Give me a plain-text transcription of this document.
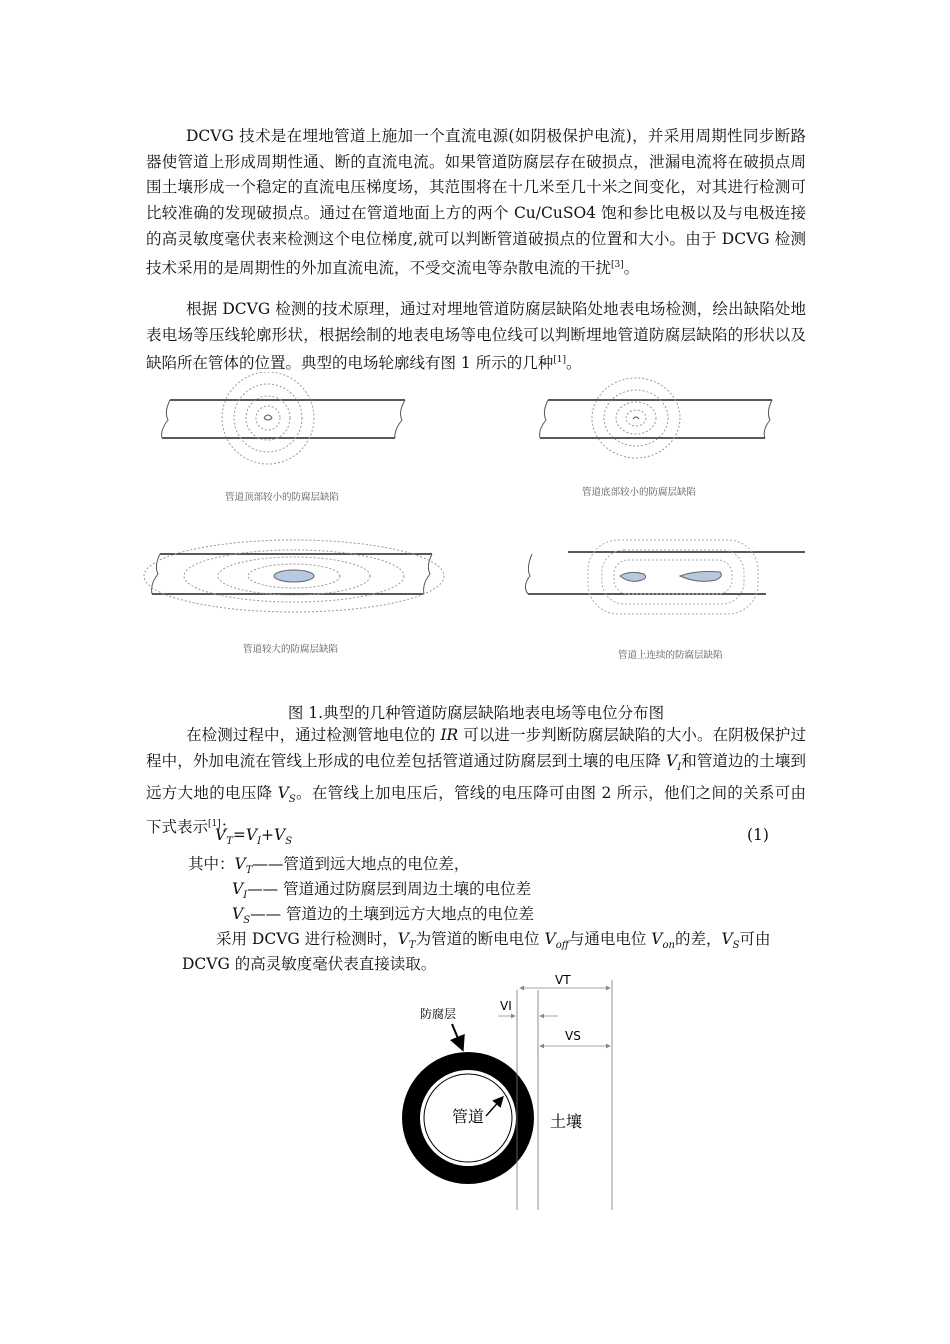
DCVG 技术是在埋地管道上施加一个直流电源(如阴极保护电流)，并采用周期性同步断路器使管道上形成周期性通、断的直流电流。如果管道防腐层存在破损点，泄漏电流将在破损点周围土壤形成一个稳定的直流电压梯度场，其范围将在十几米至几十米之间变化，对其进行检测可比较准确的发现破损点。通过在管道地面上方的两个 Cu/CuSO4 饱和参比电极以及与电极连接的高灵敏度毫伏表来检测这个电位梯度,就可以判断管道破损点的位置和大小。由于 DCVG 检测技术采用的是周期性的外加直流电流，不受交流电等杂散电流的干扰[3]。

根据 DCVG 检测的技术原理，通过对埋地管道防腐层缺陷处地表电场检测，绘出缺陷处地表电场等压线轮廓形状，根据绘制的地表电场等电位线可以判断埋地管道防腐层缺陷的形状以及缺陷所在管体的位置。典型的电场轮廓线有图 1 所示的几种[1]。

管道顶部较小的防腐层缺陷	管道底部较小的防腐层缺陷
管道较大的防腐层缺陷
管道上连续的防腐层缺陷
图 1.典型的几种管道防腐层缺陷地表电场等电位分布图

在检测过程中，通过检测管地电位的 IR 可以进一步判断防腐层缺陷的大小。在阴极保护过程中，外加电流在管线上形成的电位差包括管道通过防腐层到土壤的电压降 $V_I$和管道边的土壤到远方大地的电压降 $V_S$。在管线上加电压后，管线的电压降可由图 2 所示，他们之间的关系可由下式表示[1]：

$V_T=V_I+V_S$	(1)
其中：$V_T——$管道到远大地点的电位差，
$V_I——$ 管道通过防腐层到周边土壤的电位差
$V_S——$ 管道边的土壤到远方大地点的电位差
采用 DCVG 进行检测时，$V_T$为管道的断电电位 $V_{off}$与通电电位 $V_{on}$的差，$V_S$可由
DCVG 的高灵敏度毫伏表直接读取。
防腐层
管道	土壤
VT
VI
VS
